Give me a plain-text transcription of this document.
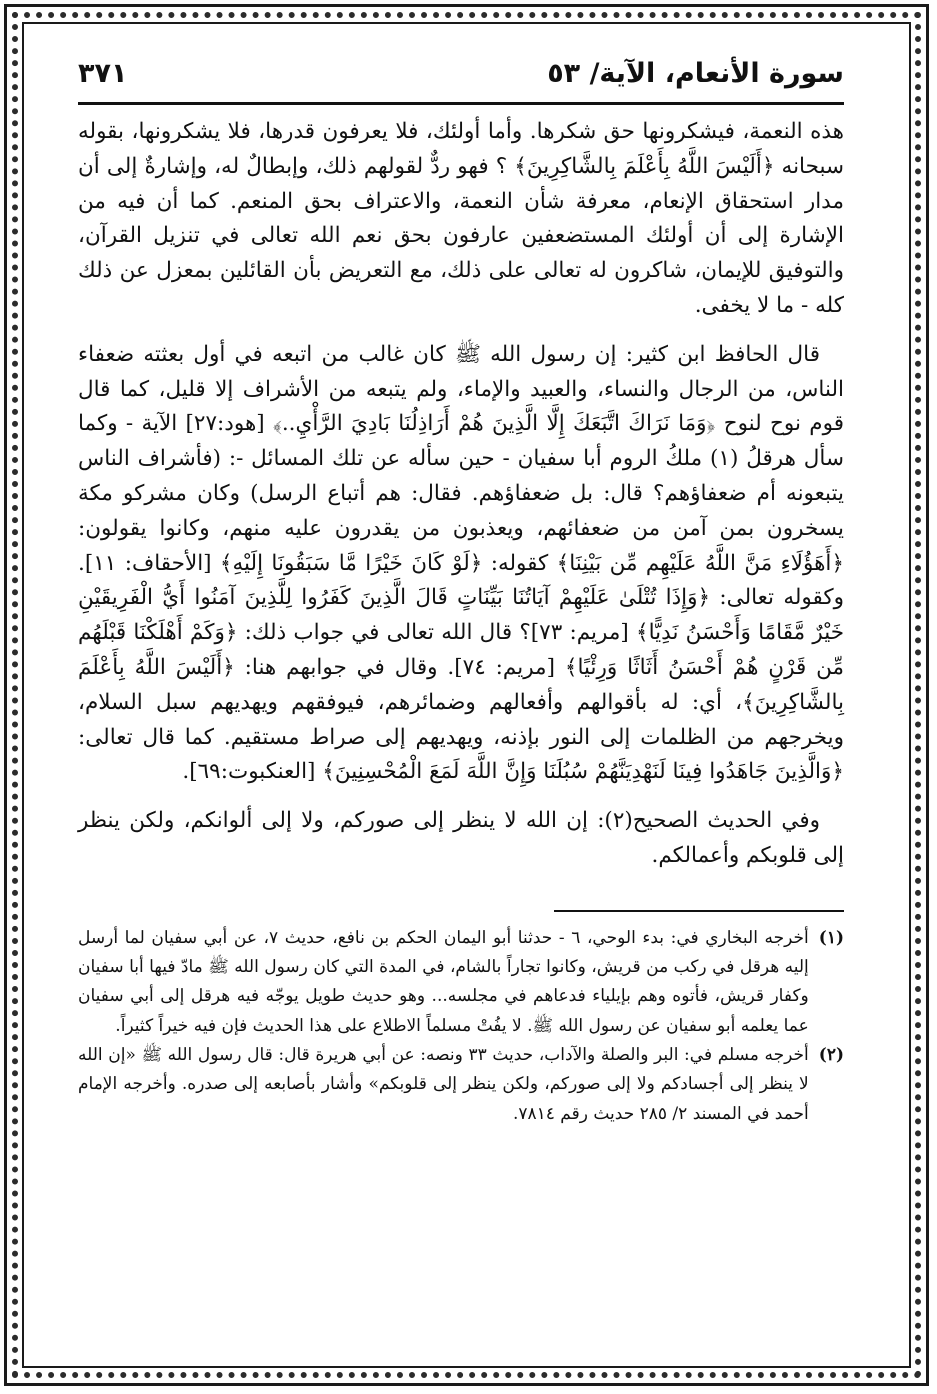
سورة الأنعام، الآية/ ٥٣
٣٧١

هذه النعمة، فيشكرونها حق شكرها. وأما أولئك، فلا يعرفون قدرها، فلا يشكرونها، بقوله سبحانه ﴿أَلَيْسَ اللَّهُ بِأَعْلَمَ بِالشَّاكِرِينَ﴾ ؟ فهو ردٌّ لقولهم ذلك، وإبطالٌ له، وإشارةٌ إلى أن مدار استحقاق الإنعام، معرفة شأن النعمة، والاعتراف بحق المنعم. كما أن فيه من الإشارة إلى أن أولئك المستضعفين عارفون بحق نعم الله تعالى في تنزيل القرآن، والتوفيق للإيمان، شاكرون له تعالى على ذلك، مع التعريض بأن القائلين بمعزل عن ذلك كله - ما لا يخفى.

قال الحافظ ابن كثير: إن رسول الله ﷺ كان غالب من اتبعه في أول بعثته ضعفاء الناس، من الرجال والنساء، والعبيد والإماء، ولم يتبعه من الأشراف إلا قليل، كما قال قوم نوح لنوح ﴿وَمَا نَرَاكَ اتَّبَعَكَ إِلَّا الَّذِينَ هُمْ أَرَاذِلُنَا بَادِيَ الرَّأْيِ..﴾ [هود:٢٧] الآية - وكما سأل هرقلُ (١) ملكُ الروم أبا سفيان - حين سأله عن تلك المسائل -: (فأشراف الناس يتبعونه أم ضعفاؤهم؟ قال: بل ضعفاؤهم. فقال: هم أتباع الرسل) وكان مشركو مكة يسخرون بمن آمن من ضعفائهم، ويعذبون من يقدرون عليه منهم، وكانوا يقولون: ﴿أَهَؤُلَاءِ مَنَّ اللَّهُ عَلَيْهِم مِّن بَيْنِنَا﴾ كقوله: ﴿لَوْ كَانَ خَيْرًا مَّا سَبَقُونَا إِلَيْهِ﴾ [الأحقاف: ١١]. وكقوله تعالى: ﴿وَإِذَا تُتْلَىٰ عَلَيْهِمْ آيَاتُنَا بَيِّنَاتٍ قَالَ الَّذِينَ كَفَرُوا لِلَّذِينَ آمَنُوا أَيُّ الْفَرِيقَيْنِ خَيْرٌ مَّقَامًا وَأَحْسَنُ نَدِيًّا﴾ [مريم: ٧٣]؟ قال الله تعالى في جواب ذلك: ﴿وَكَمْ أَهْلَكْنَا قَبْلَهُم مِّن قَرْنٍ هُمْ أَحْسَنُ أَثَاثًا وَرِئْيًا﴾ [مريم: ٧٤]. وقال في جوابهم هنا: ﴿أَلَيْسَ اللَّهُ بِأَعْلَمَ بِالشَّاكِرِينَ﴾، أي: له بأقوالهم وأفعالهم وضمائرهم، فيوفقهم ويهديهم سبل السلام، ويخرجهم من الظلمات إلى النور بإذنه، ويهديهم إلى صراط مستقيم. كما قال تعالى: ﴿وَالَّذِينَ جَاهَدُوا فِينَا لَنَهْدِيَنَّهُمْ سُبُلَنَا وَإِنَّ اللَّهَ لَمَعَ الْمُحْسِنِينَ﴾ [العنكبوت:٦٩].

وفي الحديث الصحيح(٢): إن الله لا ينظر إلى صوركم، ولا إلى ألوانكم، ولكن ينظر إلى قلوبكم وأعمالكم.

(١)
أخرجه البخاري في: بدء الوحي، ٦ - حدثنا أبو اليمان الحكم بن نافع، حديث ٧، عن أبي سفيان لما أرسل إليه هرقل في ركب من قريش، وكانوا تجاراً بالشام، في المدة التي كان رسول الله ﷺ مادّ فيها أبا سفيان وكفار قريش، فأتوه وهم بإيلياء فدعاهم في مجلسه... وهو حديث طويل يوجّه فيه هرقل إلى أبي سفيان عما يعلمه أبو سفيان عن رسول الله ﷺ. لا يفُتْ مسلماً الاطلاع على هذا الحديث فإن فيه خيراً كثيراً.

(٢)
أخرجه مسلم في: البر والصلة والآداب، حديث ٣٣ ونصه: عن أبي هريرة قال: قال رسول الله ﷺ «إن الله لا ينظر إلى أجسادكم ولا إلى صوركم، ولكن ينظر إلى قلوبكم» وأشار بأصابعه إلى صدره. وأخرجه الإمام أحمد في المسند ٢/ ٢٨٥ حديث رقم ٧٨١٤.
